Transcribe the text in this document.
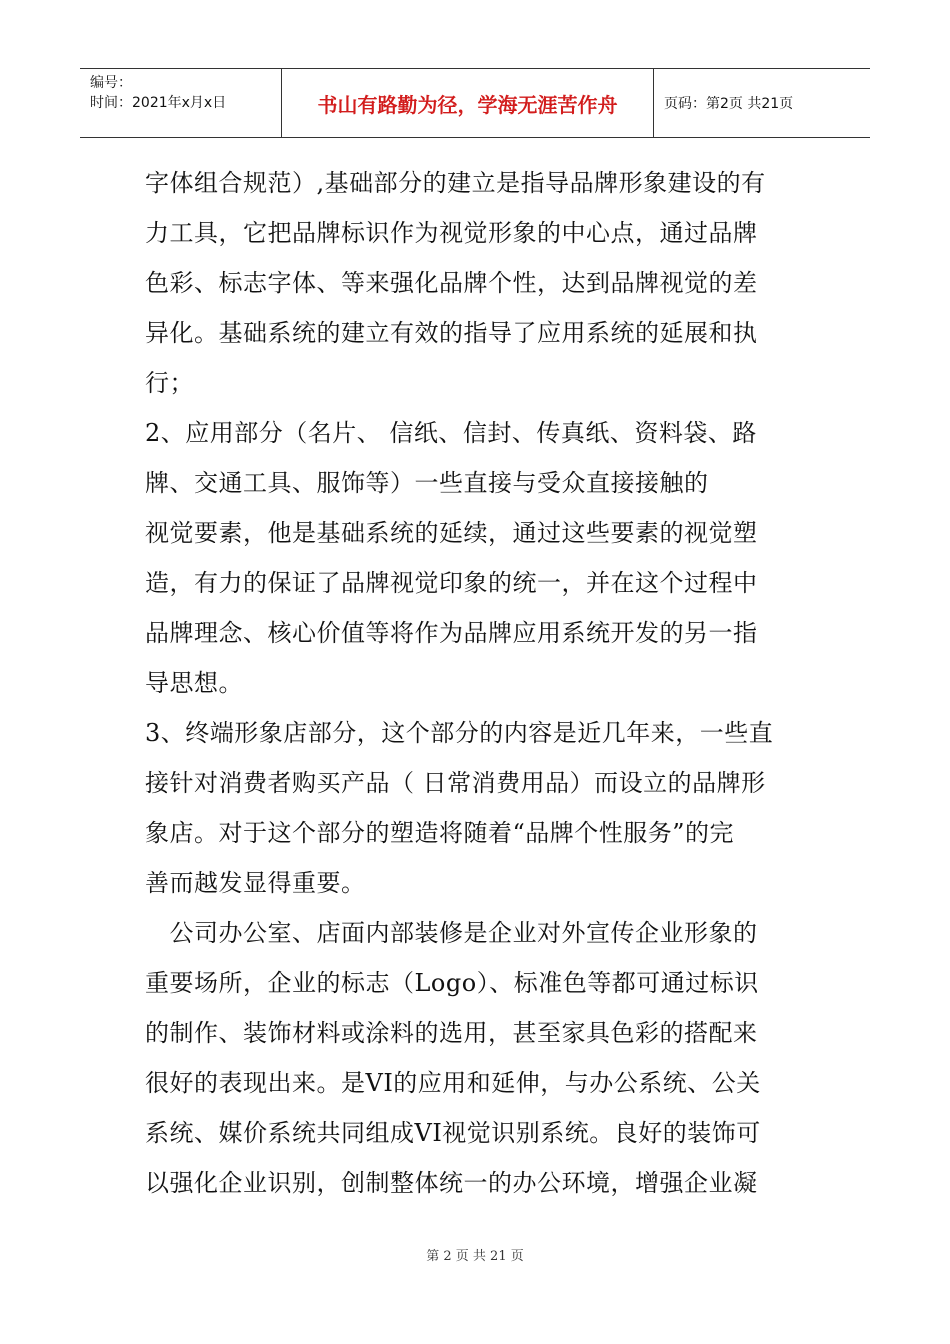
编号：
时间：2021年x月x日	书山有路勤为径，学海无涯苦作舟	页码：第2页 共21页
字体组合规范）,基础部分的建立是指导品牌形象建设的有
力工具，它把品牌标识作为视觉形象的中心点，通过品牌
色彩、标志字体、等来强化品牌个性，达到品牌视觉的差
异化。基础系统的建立有效的指导了应用系统的延展和执
行；
2、应用部分（名片、 信纸、信封、传真纸、资料袋、路
牌、交通工具、服饰等）一些直接与受众直接接触的
视觉要素，他是基础系统的延续，通过这些要素的视觉塑
造，有力的保证了品牌视觉印象的统一，并在这个过程中
品牌理念、核心价值等将作为品牌应用系统开发的另一指
导思想。
3、终端形象店部分，这个部分的内容是近几年来，一些直
接针对消费者购买产品（ 日常消费用品）而设立的品牌形
象店。对于这个部分的塑造将随着“品牌个性服务”的完
善而越发显得重要。
　公司办公室、店面内部装修是企业对外宣传企业形象的
重要场所，企业的标志（Logo）、标准色等都可通过标识
的制作、装饰材料或涂料的选用，甚至家具色彩的搭配来
很好的表现出来。是VI的应用和延伸，与办公系统、公关
系统、媒价系统共同组成VI视觉识别系统。良好的装饰可
以强化企业识别，创制整体统一的办公环境，增强企业凝
第 2 页 共 21 页
